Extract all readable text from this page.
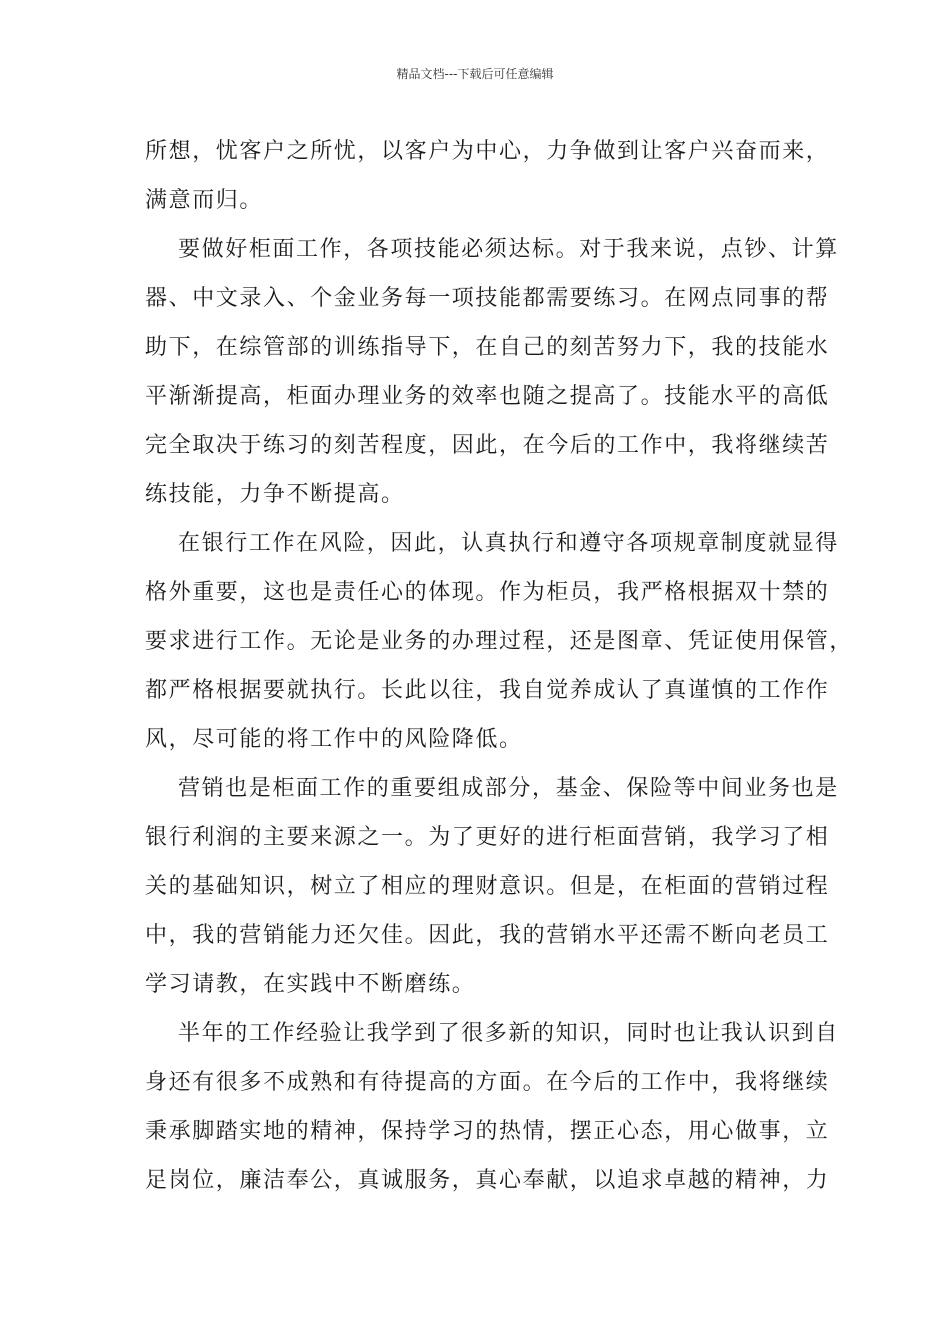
精品文档---下载后可任意编辑
所想，忧客户之所忧，以客户为中心，力争做到让客户兴奋而来，
满意而归。
要做好柜面工作，各项技能必须达标。对于我来说，点钞、计算
器、中文录入、个金业务每一项技能都需要练习。在网点同事的帮
助下，在综管部的训练指导下，在自己的刻苦努力下，我的技能水
平渐渐提高，柜面办理业务的效率也随之提高了。技能水平的高低
完全取决于练习的刻苦程度，因此，在今后的工作中，我将继续苦
练技能，力争不断提高。
在银行工作在风险，因此，认真执行和遵守各项规章制度就显得
格外重要，这也是责任心的体现。作为柜员，我严格根据双十禁的
要求进行工作。无论是业务的办理过程，还是图章、凭证使用保管，
都严格根据要就执行。长此以往，我自觉养成认了真谨慎的工作作
风，尽可能的将工作中的风险降低。
营销也是柜面工作的重要组成部分，基金、保险等中间业务也是
银行利润的主要来源之一。为了更好的进行柜面营销，我学习了相
关的基础知识，树立了相应的理财意识。但是，在柜面的营销过程
中，我的营销能力还欠佳。因此，我的营销水平还需不断向老员工
学习请教，在实践中不断磨练。
半年的工作经验让我学到了很多新的知识，同时也让我认识到自
身还有很多不成熟和有待提高的方面。在今后的工作中，我将继续
秉承脚踏实地的精神，保持学习的热情，摆正心态，用心做事，立
足岗位，廉洁奉公，真诚服务，真心奉献，以追求卓越的精神，力
